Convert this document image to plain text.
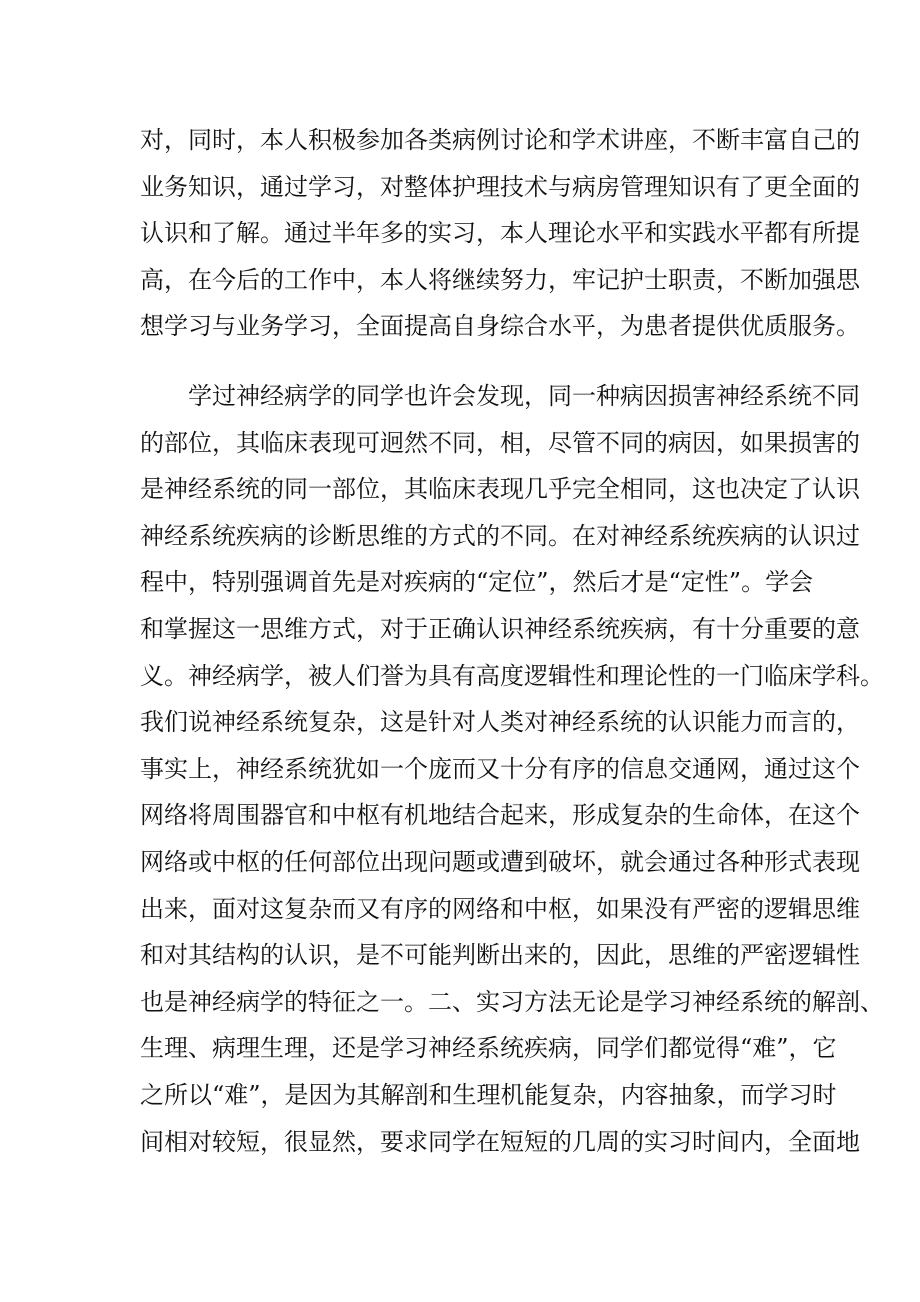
对，同时，本人积极参加各类病例讨论和学术讲座，不断丰富自己的
业务知识，通过学习，对整体护理技术与病房管理知识有了更全面的
认识和了解。通过半年多的实习，本人理论水平和实践水平都有所提
高，在今后的工作中，本人将继续努力，牢记护士职责，不断加强思
想学习与业务学习，全面提高自身综合水平，为患者提供优质服务。
学过神经病学的同学也许会发现，同一种病因损害神经系统不同
的部位，其临床表现可迥然不同，相，尽管不同的病因，如果损害的
是神经系统的同一部位，其临床表现几乎完全相同，这也决定了认识
神经系统疾病的诊断思维的方式的不同。在对神经系统疾病的认识过
程中，特别强调首先是对疾病的“定位”，然后才是“定性”。学会
和掌握这一思维方式，对于正确认识神经系统疾病，有十分重要的意
义。神经病学，被人们誉为具有高度逻辑性和理论性的一门临床学科。
我们说神经系统复杂，这是针对人类对神经系统的认识能力而言的，
事实上，神经系统犹如一个庞而又十分有序的信息交通网，通过这个
网络将周围器官和中枢有机地结合起来，形成复杂的生命体，在这个
网络或中枢的任何部位出现问题或遭到破坏，就会通过各种形式表现
出来，面对这复杂而又有序的网络和中枢，如果没有严密的逻辑思维
和对其结构的认识，是不可能判断出来的，因此，思维的严密逻辑性
也是神经病学的特征之一。二、实习方法无论是学习神经系统的解剖、
生理、病理生理，还是学习神经系统疾病，同学们都觉得“难”，它
之所以“难”，是因为其解剖和生理机能复杂，内容抽象，而学习时
间相对较短，很显然，要求同学在短短的几周的实习时间内，全面地
